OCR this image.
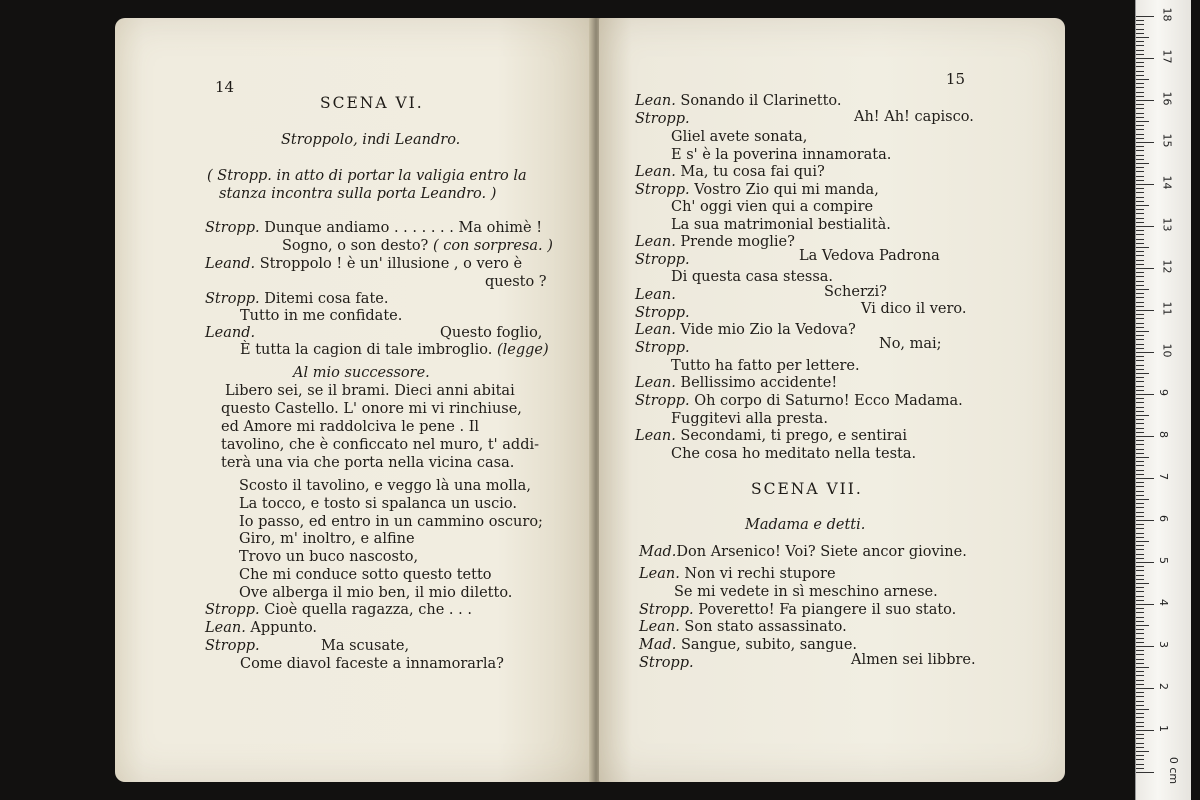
14
SCENA VI.
Stroppolo, indi Leandro.
( Stropp. in atto di portar la valigia entro la
stanza incontra sulla porta Leandro. )
Stropp. Dunque andiamo . . . . . . . Ma ohimè !
Sogno, o son desto? ( con sorpresa. )
Leand. Stroppolo ! è un' illusione , o vero è
questo ?
Stropp. Ditemi cosa fate.
Tutto in me confidate.
Leand.	Questo foglio,
È tutta la cagion di tale imbroglio. (legge)
Al mio successore.
Libero sei, se il brami. Dieci anni abitai
questo Castello. L' onore mi vi rinchiuse,
ed Amore mi raddolciva le pene . Il
tavolino, che è conficcato nel muro, t' addi-
terà una via che porta nella vicina casa.
Scosto il tavolino, e veggo là una molla,
La tocco, e tosto si spalanca un uscio.
Io passo, ed entro in un cammino oscuro;
Giro, m' inoltro, e alfine
Trovo un buco nascosto,
Che mi conduce sotto questo tetto
Ove alberga il mio ben, il mio diletto.
Stropp. Cioè quella ragazza, che . . .
Lean. Appunto.
Stropp.	Ma scusate,
Come diavol faceste a innamorarla?
15
Lean. Sonando il Clarinetto.
Stropp.	Ah! Ah! capisco.
Gliel avete sonata,
E s' è la poverina innamorata.
Lean. Ma, tu cosa fai qui?
Stropp. Vostro Zio qui mi manda,
Ch' oggi vien qui a compire
La sua matrimonial bestialità.
Lean. Prende moglie?
Stropp.	La Vedova Padrona
Di questa casa stessa.
Lean.	Scherzi?
Stropp.	Vi dico il vero.
Lean. Vide mio Zio la Vedova?
Stropp.	No, mai;
Tutto ha fatto per lettere.
Lean. Bellissimo accidente!
Stropp. Oh corpo di Saturno! Ecco Madama.
Fuggitevi alla presta.
Lean. Secondami, ti prego, e sentirai
Che cosa ho meditato nella testa.
SCENA VII.
Madama e detti.
Mad.Don Arsenico! Voi? Siete ancor giovine.
Lean. Non vi rechi stupore
Se mi vedete in sì meschino arnese.
Stropp. Poveretto! Fa piangere il suo stato.
Lean. Son stato assassinato.
Mad. Sangue, subito, sangue.
Stropp.	Almen sei libbre.
0 cm
1
2
3
4
5
6
7
8
9
10
11
12
13
14
15
16
17
18
